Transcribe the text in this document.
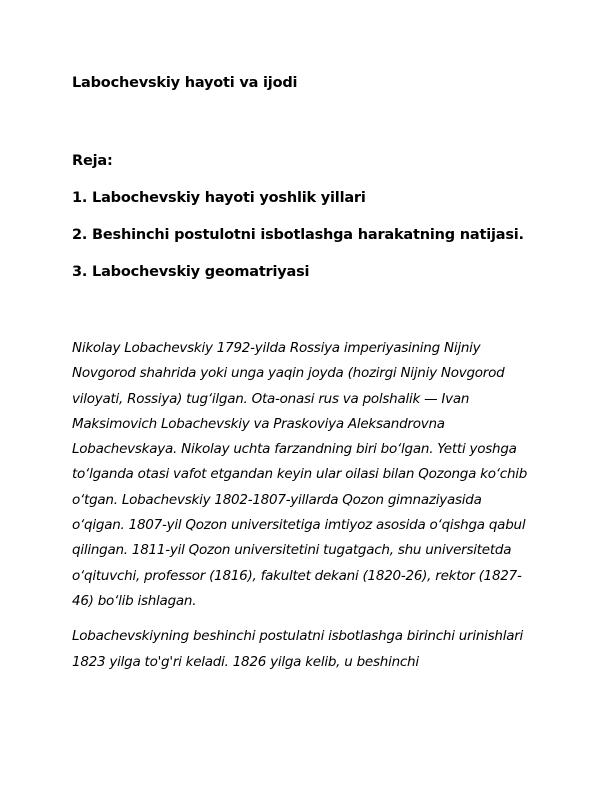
Labochevskiy hayoti va ijodi

Reja:

1. Labochevskiy hayoti yoshlik yillari
2. Beshinchi postulotni isbotlashga harakatning natijasi.
3. Labochevskiy geomatriyasi

Nikolay Lobachevskiy 1792-yilda Rossiya imperiyasining Nijniy Novgorod shahrida yoki unga yaqin joyda (hozirgi Nijniy Novgorod viloyati, Rossiya) tug‘ilgan. Ota-onasi rus va polshalik — Ivan Maksimovich Lobachevskiy va Praskoviya Aleksandrovna Lobachevskaya. Nikolay uchta farzandning biri bo‘lgan. Yetti yoshga to‘lganda otasi vafot etgandan keyin ular oilasi bilan Qozonga ko‘chib o‘tgan. Lobachevskiy 1802-1807-yillarda Qozon gimnaziyasida o‘qigan. 1807-yil Qozon universitetiga imtiyoz asosida o‘qishga qabul qilingan. 1811-yil Qozon universitetini tugatgach, shu universitetda o‘qituvchi, professor (1816), fakultet dekani (1820-26), rektor (1827-46) bo‘lib ishlagan.

Lobachevskiyning beshinchi postulatni isbotlashga birinchi urinishlari 1823 yilga to'g'ri keladi. 1826 yilga kelib, u beshinchi
